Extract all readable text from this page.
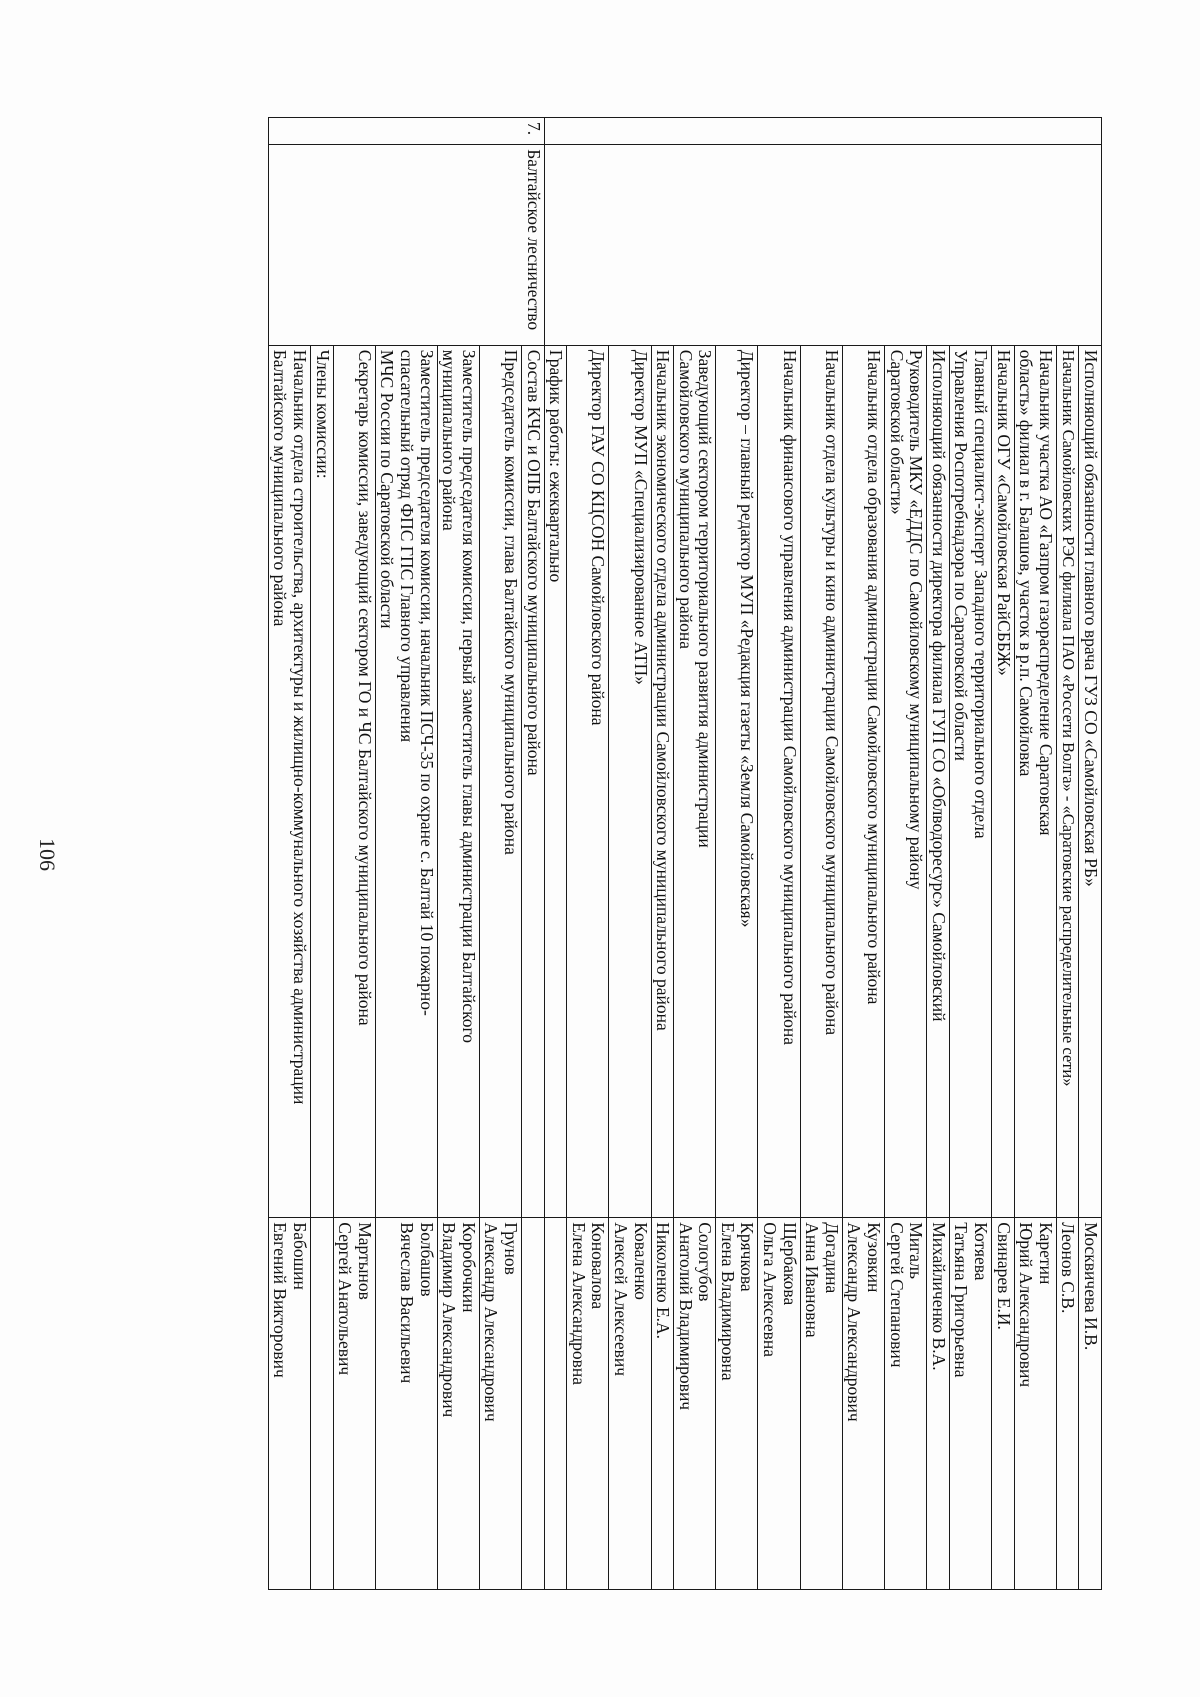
106

		Исполняющий обязанности главного врача ГУЗ СО «Самойловская РБ»	Москвичева И.В.

		Начальник Самойловских РЭС филиала ПАО «Россети Волга» - «Саратовские распределительные сети»	Леонов С.В.

		Начальник участка АО «Газпром газораспределение Саратовская
область» филиал в г. Балашов, участок в р.п. Самойловка	Каретин
Юрий Александрович

		Начальник ОГУ «Самойловская РайСББЖ»	Свинарев Е.И.

		Главный специалист-эксперт Западного территориального отдела
Управления Роспотребнадзора по Саратовской области	Котяева
Татьяна Григорьевна

		Исполняющий обязанности директора филиала ГУП СО «Облводоресурс» Самойловский	Михайличенко В.А.

		Руководитель МКУ «ЕДДС по Самойловскому муниципальному району
Саратовской области»	Мигаль
Сергей Степанович

		Начальник отдела образования администрации Самойловского муниципального района	Кузовкин
Александр Александрович

		Начальник отдела культуры и кино администрации Самойловского муниципального района	Догадина
Анна Ивановна

		Начальник финансового управления администрации Самойловского муниципального района	Щербакова
Ольга Алексеевна

		Директор – главный редактор МУП «Редакция газеты «Земля Самойловская»	Крячкова
Елена Владимировна

		Заведующий сектором территориального развития администрации
Самойловского муниципального района	Сологубов
Анатолий Владимирович

		Начальник экономического отдела администрации Самойловского муниципального района	Николенко Е.А.

		Директор МУП «Специализированное АТП»	Коваленко
Алексей Алексеевич

		Директор ГАУ СО КЦСОН Самойловского района	Коновалова
Елена Александровна

		График работы: ежеквартально	

7.	Балтайское лесничество	Состав КЧС и ОПБ Балтайского муниципального района	

		Председатель комиссии, глава Балтайского муниципального района	Грунов
Александр Александрович

		Заместитель председателя комиссии, первый заместитель главы администрации Балтайского
муниципального района	Коробочкин
Владимир Александрович

		Заместитель председателя комиссии, начальник ПСЧ-35 по охране с. Балтай 10 пожарно-
спасательный отряд ФПС ГПС Главного управления
МЧС России по Саратовской области	Болбашов
Вячеслав Васильевич

		Секретарь комиссии, заведующий сектором ГО и ЧС Балтайского муниципального района	Мартынов
Сергей Анатольевич

		Члены комиссии:	

		Начальник отдела строительства, архитектуры и жилищно-коммунального хозяйства администрации
Балтайского муниципального района	Бабошин
Евгений Викторович
